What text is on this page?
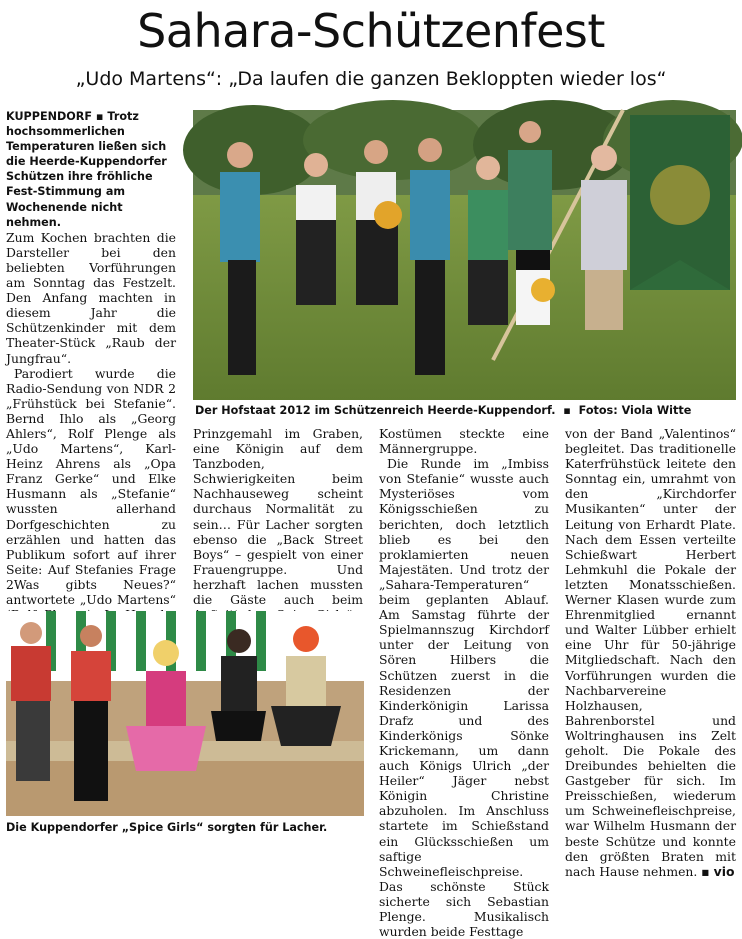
Sahara-Schützenfest
„Udo Martens“: „Da laufen die ganzen Bekloppten wieder los“

KUPPENDORF ▪ Trotz hochsommerlichen Temperaturen ließen sich die Heerde-Kuppendorfer Schützen ihre fröhliche Fest-Stimmung am Wochenende nicht nehmen.

Zum Kochen brachten die Darsteller bei den beliebten Vorführungen am Sonntag das Festzelt. Den Anfang machten in diesem Jahr die Schützenkinder mit dem Theater-Stück „Raub der Jungfrau“.

Parodiert wurde die Radio-Sendung von NDR 2 „Frühstück bei Stefanie“. Bernd Ihlo als „Georg Ahlers“, Rolf Plenge als „Udo Martens“, Karl-Heinz Ahrens als „Opa Franz Gerke“ und Elke Husmann als „Stefanie“ wussten allerhand Dorfgeschichten zu erzählen und hatten das Publikum sofort auf ihrer Seite: Auf Stefanies Frage 2Was gibts Neues?“ antwortete „Udo Martens“

Der Hofstaat 2012 im Schützenreich Heerde-Kuppendorf.  ▪  Fotos: Viola Witte

Prinzgemahl im Graben, eine Königin auf dem Tanzboden, Schwierigkeiten beim Nachhauseweg scheint durchaus Normalität zu sein… Für Lacher sorgten ebenso die „Back Street Boys“ – gespielt von einer Frauengruppe. Und herzhaft lachen mussten die Gäste auch beim

Kostümen steckte eine Männergruppe.

Die Runde im „Imbiss von Stefanie“ wusste auch Mysteriöses vom Königsschießen zu berichten, doch letztlich blieb es bei den proklamierten neuen Majestäten. Und trotz der „Sahara-Temperaturen“ beim geplanten Ablauf. Am Samstag führte der Spielmannszug Kirchdorf unter der Leitung von Sören Hilbers die Schützen zuerst in die Residenzen der Kinderkönigin Larissa Drafz und des Kinderkönigs Sönke Krickemann, um dann auch Königs Ulrich „der Heiler“ Jäger nebst Königin Christine abzuholen. Im Anschluss startete im Schießstand ein Glücksschießen um saftige Schweinefleischpreise. Das schönste Stück sicherte sich Sebastian Plenge. Musikalisch wurden beide Festtage

von der Band „Valentinos“ begleitet. Das traditionelle Katerfrühstück leitete den Sonntag ein, umrahmt von den „Kirchdorfer Musikanten“ unter der Leitung von Erhardt Plate. Nach dem Essen verteilte Schießwart Herbert Lehmkuhl die Pokale der letzten Monatsschießen. Werner Klasen wurde zum Ehrenmitglied ernannt und Walter Lübber erhielt eine Uhr für 50-jährige Mitgliedschaft. Nach den Vorführungen wurden die Nachbarvereine Holzhausen, Bahrenborstel und Woltringhausen ins Zelt geholt. Die Pokale des Dreibundes behielten die Gastgeber für sich. Im Preisschießen, wiederum um Schweinefleischpreise, war Wilhelm Husmann der beste Schütze und konnte den größten Braten mit nach Hause nehmen. ▪ vio

Die Kuppendorfer „Spice Girls“ sorgten für Lacher.
